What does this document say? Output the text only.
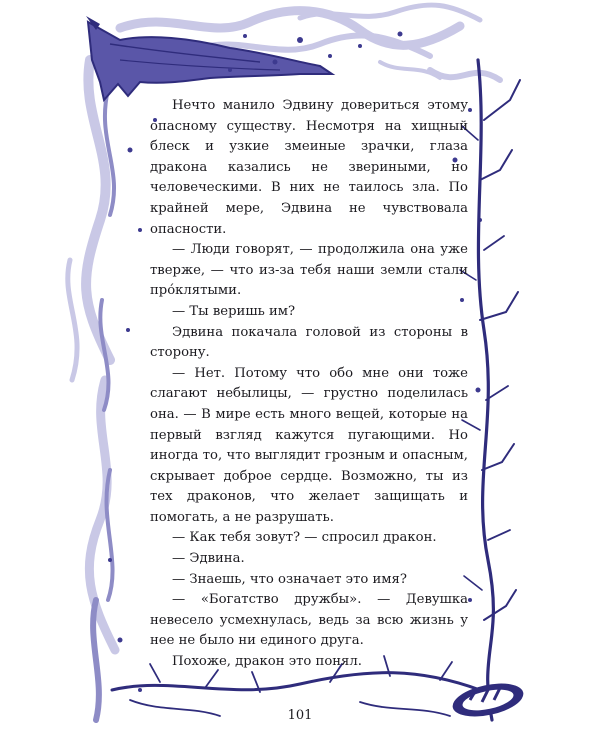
Нечто манило Эдвину довериться этому опасному существу. Несмотря на хищный блеск и узкие змеиные зрачки, глаза дракона казались не звериными, но человеческими. В них не таилось зла. По крайней мере, Эдвина не чувствовала опасности.

— Люди говорят, — продолжила она уже тверже, — что из-за тебя наши земли стали про́клятыми.

— Ты веришь им?

Эдвина покачала головой из стороны в сторону.

— Нет. Потому что обо мне они тоже слагают небылицы, — грустно поделилась она. — В мире есть много вещей, которые на первый взгляд кажутся пугающими. Но иногда то, что выглядит грозным и опасным, скрывает доброе сердце. Возможно, ты из тех драконов, что желает защищать и помогать, а не разрушать.

— Как тебя зовут? — спросил дракон.

— Эдвина.

— Знаешь, что означает это имя?

— «Богатство дружбы». — Девушка невесело усмехнулась, ведь за всю жизнь у нее не было ни единого друга.

Похоже, дракон это понял.

101
